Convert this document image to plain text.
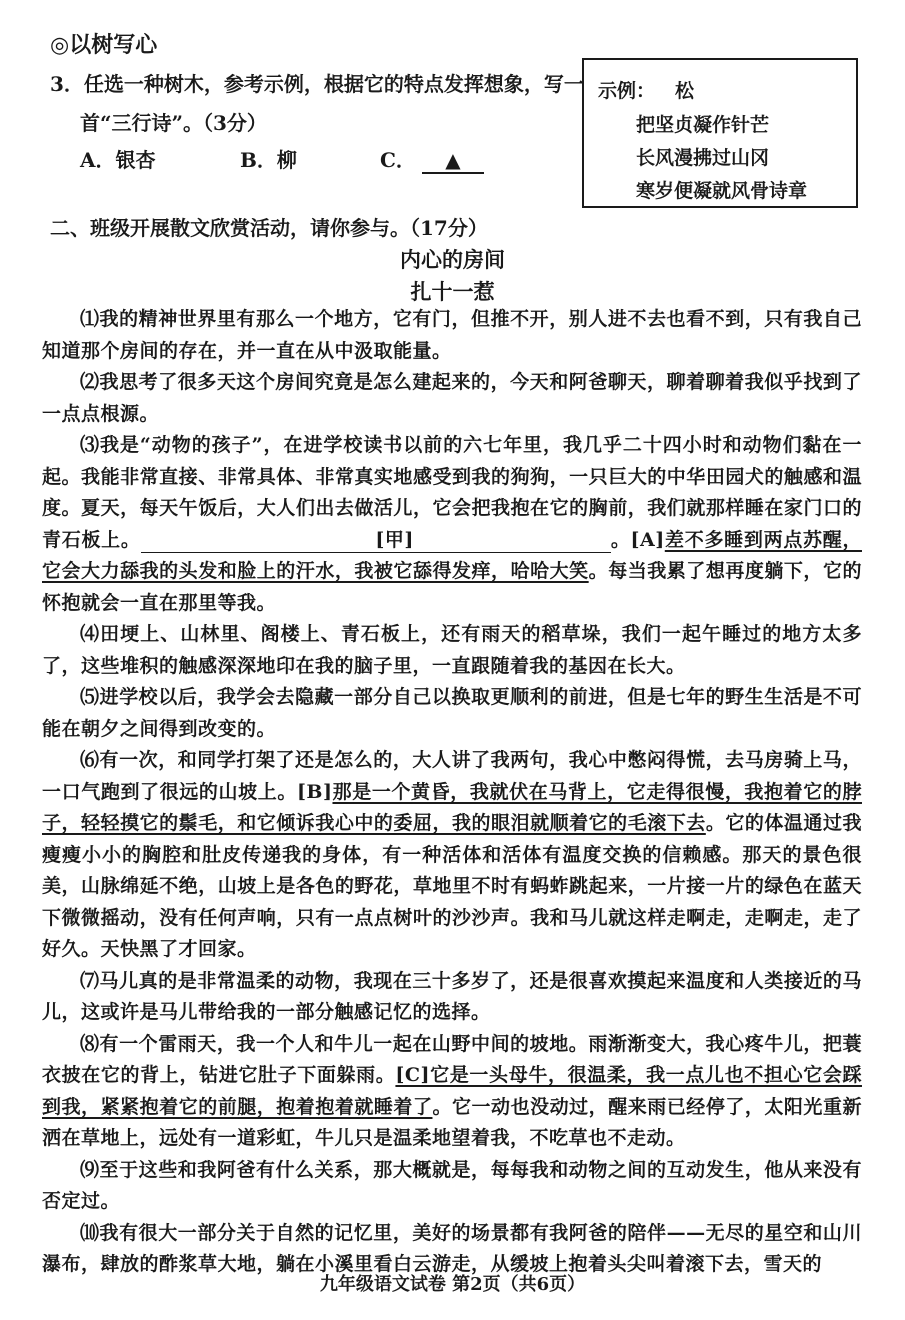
◎以树写心
3．任选一种树木，参考示例，根据它的特点发挥想象，写一
首“三行诗”。（3分）
A．银杏	B．柳	C． ▲
示例： 松
把坚贞凝作针芒
长风漫拂过山冈
寒岁便凝就风骨诗章
二、班级开展散文欣赏活动，请你参与。（17分）
内心的房间
扎十一惹

⑴我的精神世界里有那么一个地方，它有门，但推不开，别人进不去也看不到，只有我自己知道那个房间的存在，并一直在从中汲取能量。

⑵我思考了很多天这个房间究竟是怎么建起来的，今天和阿爸聊天，聊着聊着我似乎找到了一点点根源。

⑶我是“动物的孩子”，在进学校读书以前的六七年里，我几乎二十四小时和动物们黏在一起。我能非常直接、非常具体、非常真实地感受到我的狗狗，一只巨大的中华田园犬的触感和温度。夏天，每天午饭后，大人们出去做活儿，它会把我抱在它的胸前，我们就那样睡在家门口的青石板上。	[甲]	。[A]差不多睡到两点苏醒，它会大力舔我的头发和脸上的汗水，我被它舔得发痒，哈哈大笑。每当我累了想再度躺下，它的怀抱就会一直在那里等我。

⑷田埂上、山林里、阁楼上、青石板上，还有雨天的稻草垛，我们一起午睡过的地方太多了，这些堆积的触感深深地印在我的脑子里，一直跟随着我的基因在长大。

⑸进学校以后，我学会去隐藏一部分自己以换取更顺利的前进，但是七年的野生生活是不可能在朝夕之间得到改变的。

⑹有一次，和同学打架了还是怎么的，大人讲了我两句，我心中憋闷得慌，去马房骑上马，一口气跑到了很远的山坡上。[B]那是一个黄昏，我就伏在马背上，它走得很慢，我抱着它的脖子，轻轻摸它的鬃毛，和它倾诉我心中的委屈，我的眼泪就顺着它的毛滚下去。它的体温通过我瘦瘦小小的胸腔和肚皮传递我的身体，有一种活体和活体有温度交换的信赖感。那天的景色很美，山脉绵延不绝，山坡上是各色的野花，草地里不时有蚂蚱跳起来，一片接一片的绿色在蓝天下微微摇动，没有任何声响，只有一点点树叶的沙沙声。我和马儿就这样走啊走，走啊走，走了好久。天快黑了才回家。

⑺马儿真的是非常温柔的动物，我现在三十多岁了，还是很喜欢摸起来温度和人类接近的马儿，这或许是马儿带给我的一部分触感记忆的选择。

⑻有一个雷雨天，我一个人和牛儿一起在山野中间的坡地。雨渐渐变大，我心疼牛儿，把蓑衣披在它的背上，钻进它肚子下面躲雨。[C]它是一头母牛，很温柔，我一点儿也不担心它会踩到我，紧紧抱着它的前腿，抱着抱着就睡着了。它一动也没动过，醒来雨已经停了，太阳光重新洒在草地上，远处有一道彩虹，牛儿只是温柔地望着我，不吃草也不走动。

⑼至于这些和我阿爸有什么关系，那大概就是，每每我和动物之间的互动发生，他从来没有否定过。

⑽我有很大一部分关于自然的记忆里，美好的场景都有我阿爸的陪伴——无尽的星空和山川瀑布，肆放的酢浆草大地，躺在小溪里看白云游走，从缓坡上抱着头尖叫着滚下去，雪天的

九年级语文试卷 第2页（共6页）
